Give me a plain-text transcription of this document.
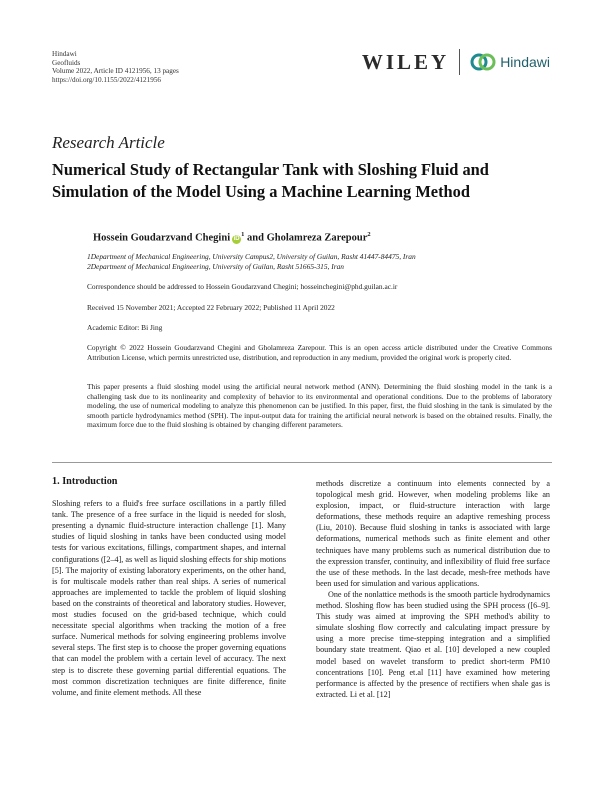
Hindawi
Geofluids
Volume 2022, Article ID 4121956, 13 pages
https://doi.org/10.1155/2022/4121956
WILEY	Hindawi
Research Article
Numerical Study of Rectangular Tank with Sloshing Fluid and Simulation of the Model Using a Machine Learning Method
Hossein Goudarzvand Chegini $iD^1$ and Gholamreza Zarepour$^2$
1Department of Mechanical Engineering, University Campus2, University of Guilan, Rasht 41447-84475, Iran
2Department of Mechanical Engineering, University of Guilan, Rasht 51665-315, Iran
Correspondence should be addressed to Hossein Goudarzvand Chegini; hosseinchegini@phd.guilan.ac.ir
Received 15 November 2021; Accepted 22 February 2022; Published 11 April 2022
Academic Editor: Bi Jing
Copyright © 2022 Hossein Goudarzvand Chegini and Gholamreza Zarepour. This is an open access article distributed under the Creative Commons Attribution License, which permits unrestricted use, distribution, and reproduction in any medium, provided the original work is properly cited.
This paper presents a fluid sloshing model using the artificial neural network method (ANN). Determining the fluid sloshing model in the tank is a challenging task due to its nonlinearity and complexity of behavior to its environmental and operational conditions. Due to the problems of laboratory modeling, the use of numerical modeling to analyze this phenomenon can be justified. In this paper, first, the fluid sloshing in the tank is simulated by the smooth particle hydrodynamics method (SPH). The input-output data for training the artificial neural network is based on the obtained results. Finally, the maximum force due to the fluid sloshing is obtained by changing different parameters.
1. Introduction

Sloshing refers to a fluid's free surface oscillations in a partly filled tank. The presence of a free surface in the liquid is needed for slosh, presenting a dynamic fluid-structure interaction challenge [1]. Many studies of liquid sloshing in tanks have been conducted using model tests for various excitations, fillings, compartment shapes, and internal configurations ([2–4], as well as liquid sloshing effects for ship motions [5]. The majority of existing laboratory experiments, on the other hand, is for multiscale models rather than real ships. A series of numerical approaches are implemented to tackle the problem of liquid sloshing based on the constraints of theoretical and laboratory studies. However, most studies focused on the grid-based technique, which could necessitate special algorithms when tracking the motion of a free surface. Numerical methods for solving engineering problems involve several steps. The first step is to choose the proper governing equations that can model the problem with a certain level of accuracy. The next step is to discrete these governing partial differential equations. The most common discretization techniques are finite difference, finite volume, and finite element methods. All these

methods discretize a continuum into elements connected by a topological mesh grid. However, when modeling problems like an explosion, impact, or fluid-structure interaction with large deformations, these methods require an adaptive remeshing process (Liu, 2010). Because fluid sloshing in tanks is associated with large deformations, numerical methods such as finite element and other techniques have many problems such as numerical distribution due to the expression transfer, continuity, and inflexibility of fluid free surface the use of these methods. In the last decade, mesh-free methods have been used for simulation and various applications.

One of the nonlattice methods is the smooth particle hydrodynamics method. Sloshing flow has been studied using the SPH process ([6–9]. This study was aimed at improving the SPH method's ability to simulate sloshing flow correctly and calculating impact pressure by using a more precise time-stepping integration and a simplified boundary state treatment. Qiao et al. [10] developed a new coupled model based on wavelet transform to predict short-term PM10 concentrations [10]. Peng et.al [11] have examined how metering performance is affected by the presence of rectifiers when shale gas is extracted. Li et al. [12]
